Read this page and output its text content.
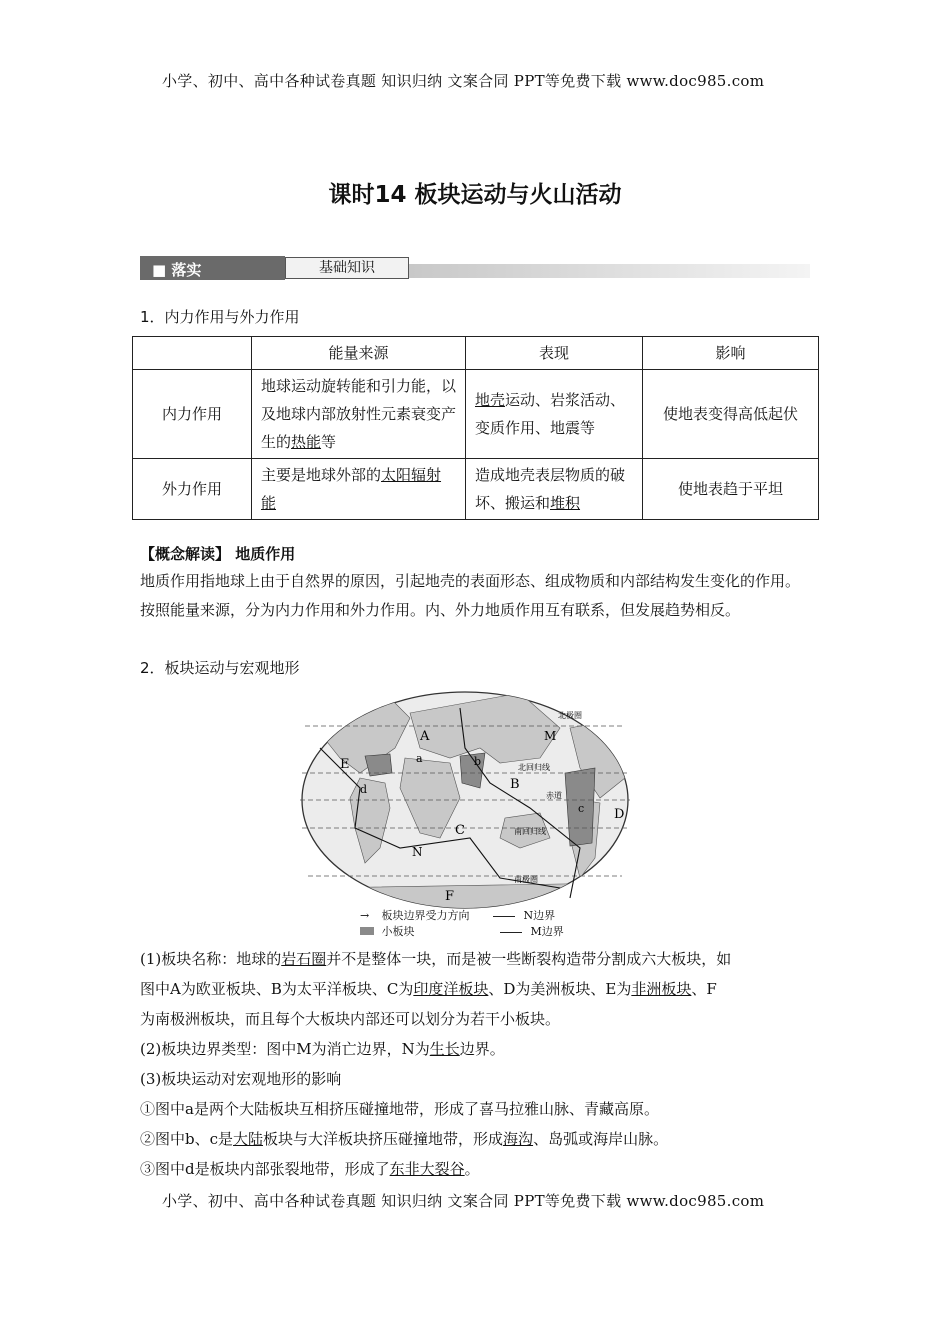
小学、初中、高中各种试卷真题 知识归纳 文案合同 PPT等免费下载 www.doc985.com
课时14 板块运动与火山活动
■ 落实	基础知识
1．内力作用与外力作用
	能量来源	表现	影响
内力作用	地球运动旋转能和引力能，以及地球内部放射性元素衰变产生的热能等	地壳运动、岩浆活动、变质作用、地震等	使地表变得高低起伏
外力作用	主要是地球外部的太阳辐射能	造成地壳表层物质的破坏、搬运和堆积	使地表趋于平坦
【概念解读】 地质作用
地质作用指地球上由于自然界的原因，引起地壳的表面形态、组成物质和内部结构发生变化的作用。按照能量来源，分为内力作用和外力作用。内、外力地质作用互有联系，但发展趋势相反。
2．板块运动与宏观地形
A
B
C
D
E
F
M
N
a	b
c
d
北极圈
北回归线
赤道
南回归线
南极圈
→ 板块边界受力方向	N边界
小板块	M边界
(1)板块名称：地球的岩石圈并不是整体一块，而是被一些断裂构造带分割成六大板块，如
图中A为欧亚板块、B为太平洋板块、C为印度洋板块、D为美洲板块、E为非洲板块、F
为南极洲板块，而且每个大板块内部还可以划分为若干小板块。
(2)板块边界类型：图中M为消亡边界，N为生长边界。
(3)板块运动对宏观地形的影响
①图中a是两个大陆板块互相挤压碰撞地带，形成了喜马拉雅山脉、青藏高原。
②图中b、c是大陆板块与大洋板块挤压碰撞地带，形成海沟、岛弧或海岸山脉。
③图中d是板块内部张裂地带，形成了东非大裂谷。
小学、初中、高中各种试卷真题 知识归纳 文案合同 PPT等免费下载 www.doc985.com
